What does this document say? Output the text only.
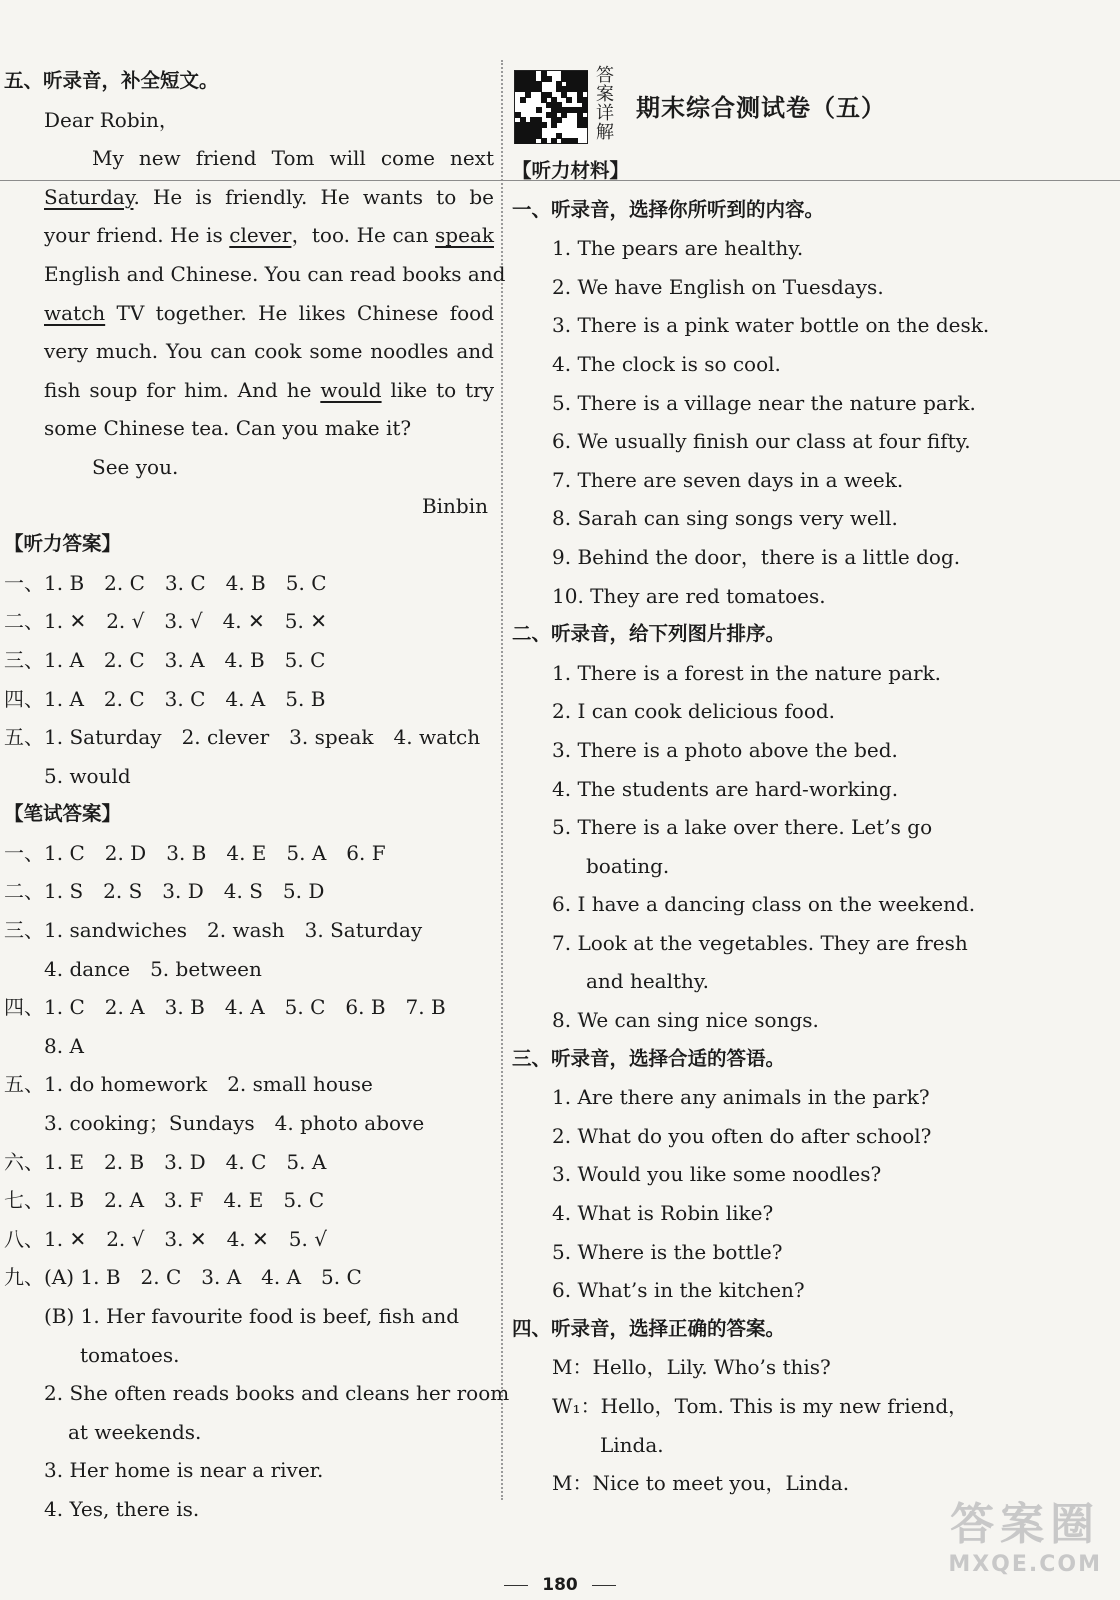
答案详解
期末综合测试卷（五）
五、听录音，补全短文。
Dear Robin，
My new friend Tom will come next
Saturday. He is friendly. He wants to be
your friend. He is clever，too. He can speak
English and Chinese. You can read books and
watch TV together. He likes Chinese food
very much. You can cook some noodles and
fish soup for him. And he would like to try
some Chinese tea. Can you make it?
See you.
Binbin
【听力答案】
一、1. B　2. C　3. C　4. B　5. C
二、1. ✕　2. √　3. √　4. ✕　5. ✕
三、1. A　2. C　3. A　4. B　5. C
四、1. A　2. C　3. C　4. A　5. B
五、1. Saturday　2. clever　3. speak　4. watch
5. would
【笔试答案】
一、1. C　2. D　3. B　4. E　5. A　6. F
二、1. S　2. S　3. D　4. S　5. D
三、1. sandwiches　2. wash　3. Saturday
4. dance　5. between
四、1. C　2. A　3. B　4. A　5. C　6. B　7. B
8. A
五、1. do homework　2. small house
3. cooking；Sundays　4. photo above
六、1. E　2. B　3. D　4. C　5. A
七、1. B　2. A　3. F　4. E　5. C
八、1. ✕　2. √　3. ✕　4. ✕　5. √
九、(A) 1. B　2. C　3. A　4. A　5. C
(B) 1. Her favourite food is beef, fish and
tomatoes.
2. She often reads books and cleans her room
at weekends.
3. Her home is near a river.
4. Yes, there is.
【听力材料】
一、听录音，选择你所听到的内容。
1. The pears are healthy.
2. We have English on Tuesdays.
3. There is a pink water bottle on the desk.
4. The clock is so cool.
5. There is a village near the nature park.
6. We usually finish our class at four fifty.
7. There are seven days in a week.
8. Sarah can sing songs very well.
9. Behind the door，there is a little dog.
10. They are red tomatoes.
二、听录音，给下列图片排序。
1. There is a forest in the nature park.
2. I can cook delicious food.
3. There is a photo above the bed.
4. The students are hard-working.
5. There is a lake over there. Let’s go
boating.
6. I have a dancing class on the weekend.
7. Look at the vegetables. They are fresh
and healthy.
8. We can sing nice songs.
三、听录音，选择合适的答语。
1. Are there any animals in the park?
2. What do you often do after school?
3. Would you like some noodles?
4. What is Robin like?
5. Where is the bottle?
6. What’s in the kitchen?
四、听录音，选择正确的答案。
M：Hello，Lily. Who’s this?
W₁：Hello，Tom. This is my new friend，
Linda.
M：Nice to meet you，Linda.
180
答案圈
MXQE.COM
